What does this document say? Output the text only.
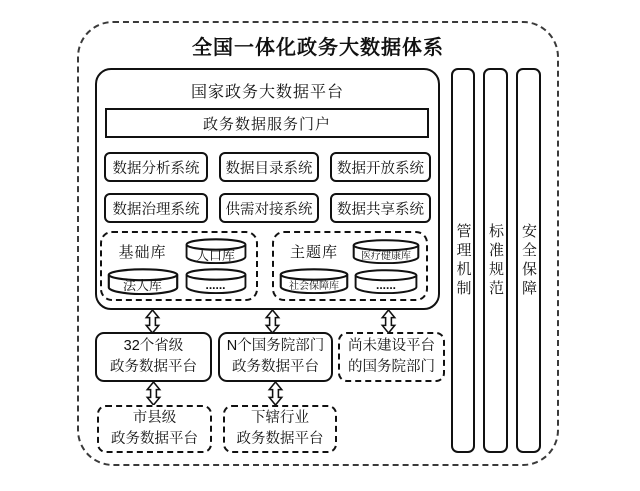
全国一体化政务大数据体系
国家政务大数据平台
政务数据服务门户
数据分析系统 数据目录系统 数据开放系统
数据治理系统 供需对接系统 数据共享系统
基础库 人口库
法人库	......
主题库 医疗健康库
社会保障库	......	管理机制 标准规范 安全保障
32个省级
政务数据平台
N个国务院部门
政务数据平台
尚未建设平台
的国务院部门
市县级
政务数据平台
下辖行业
政务数据平台
